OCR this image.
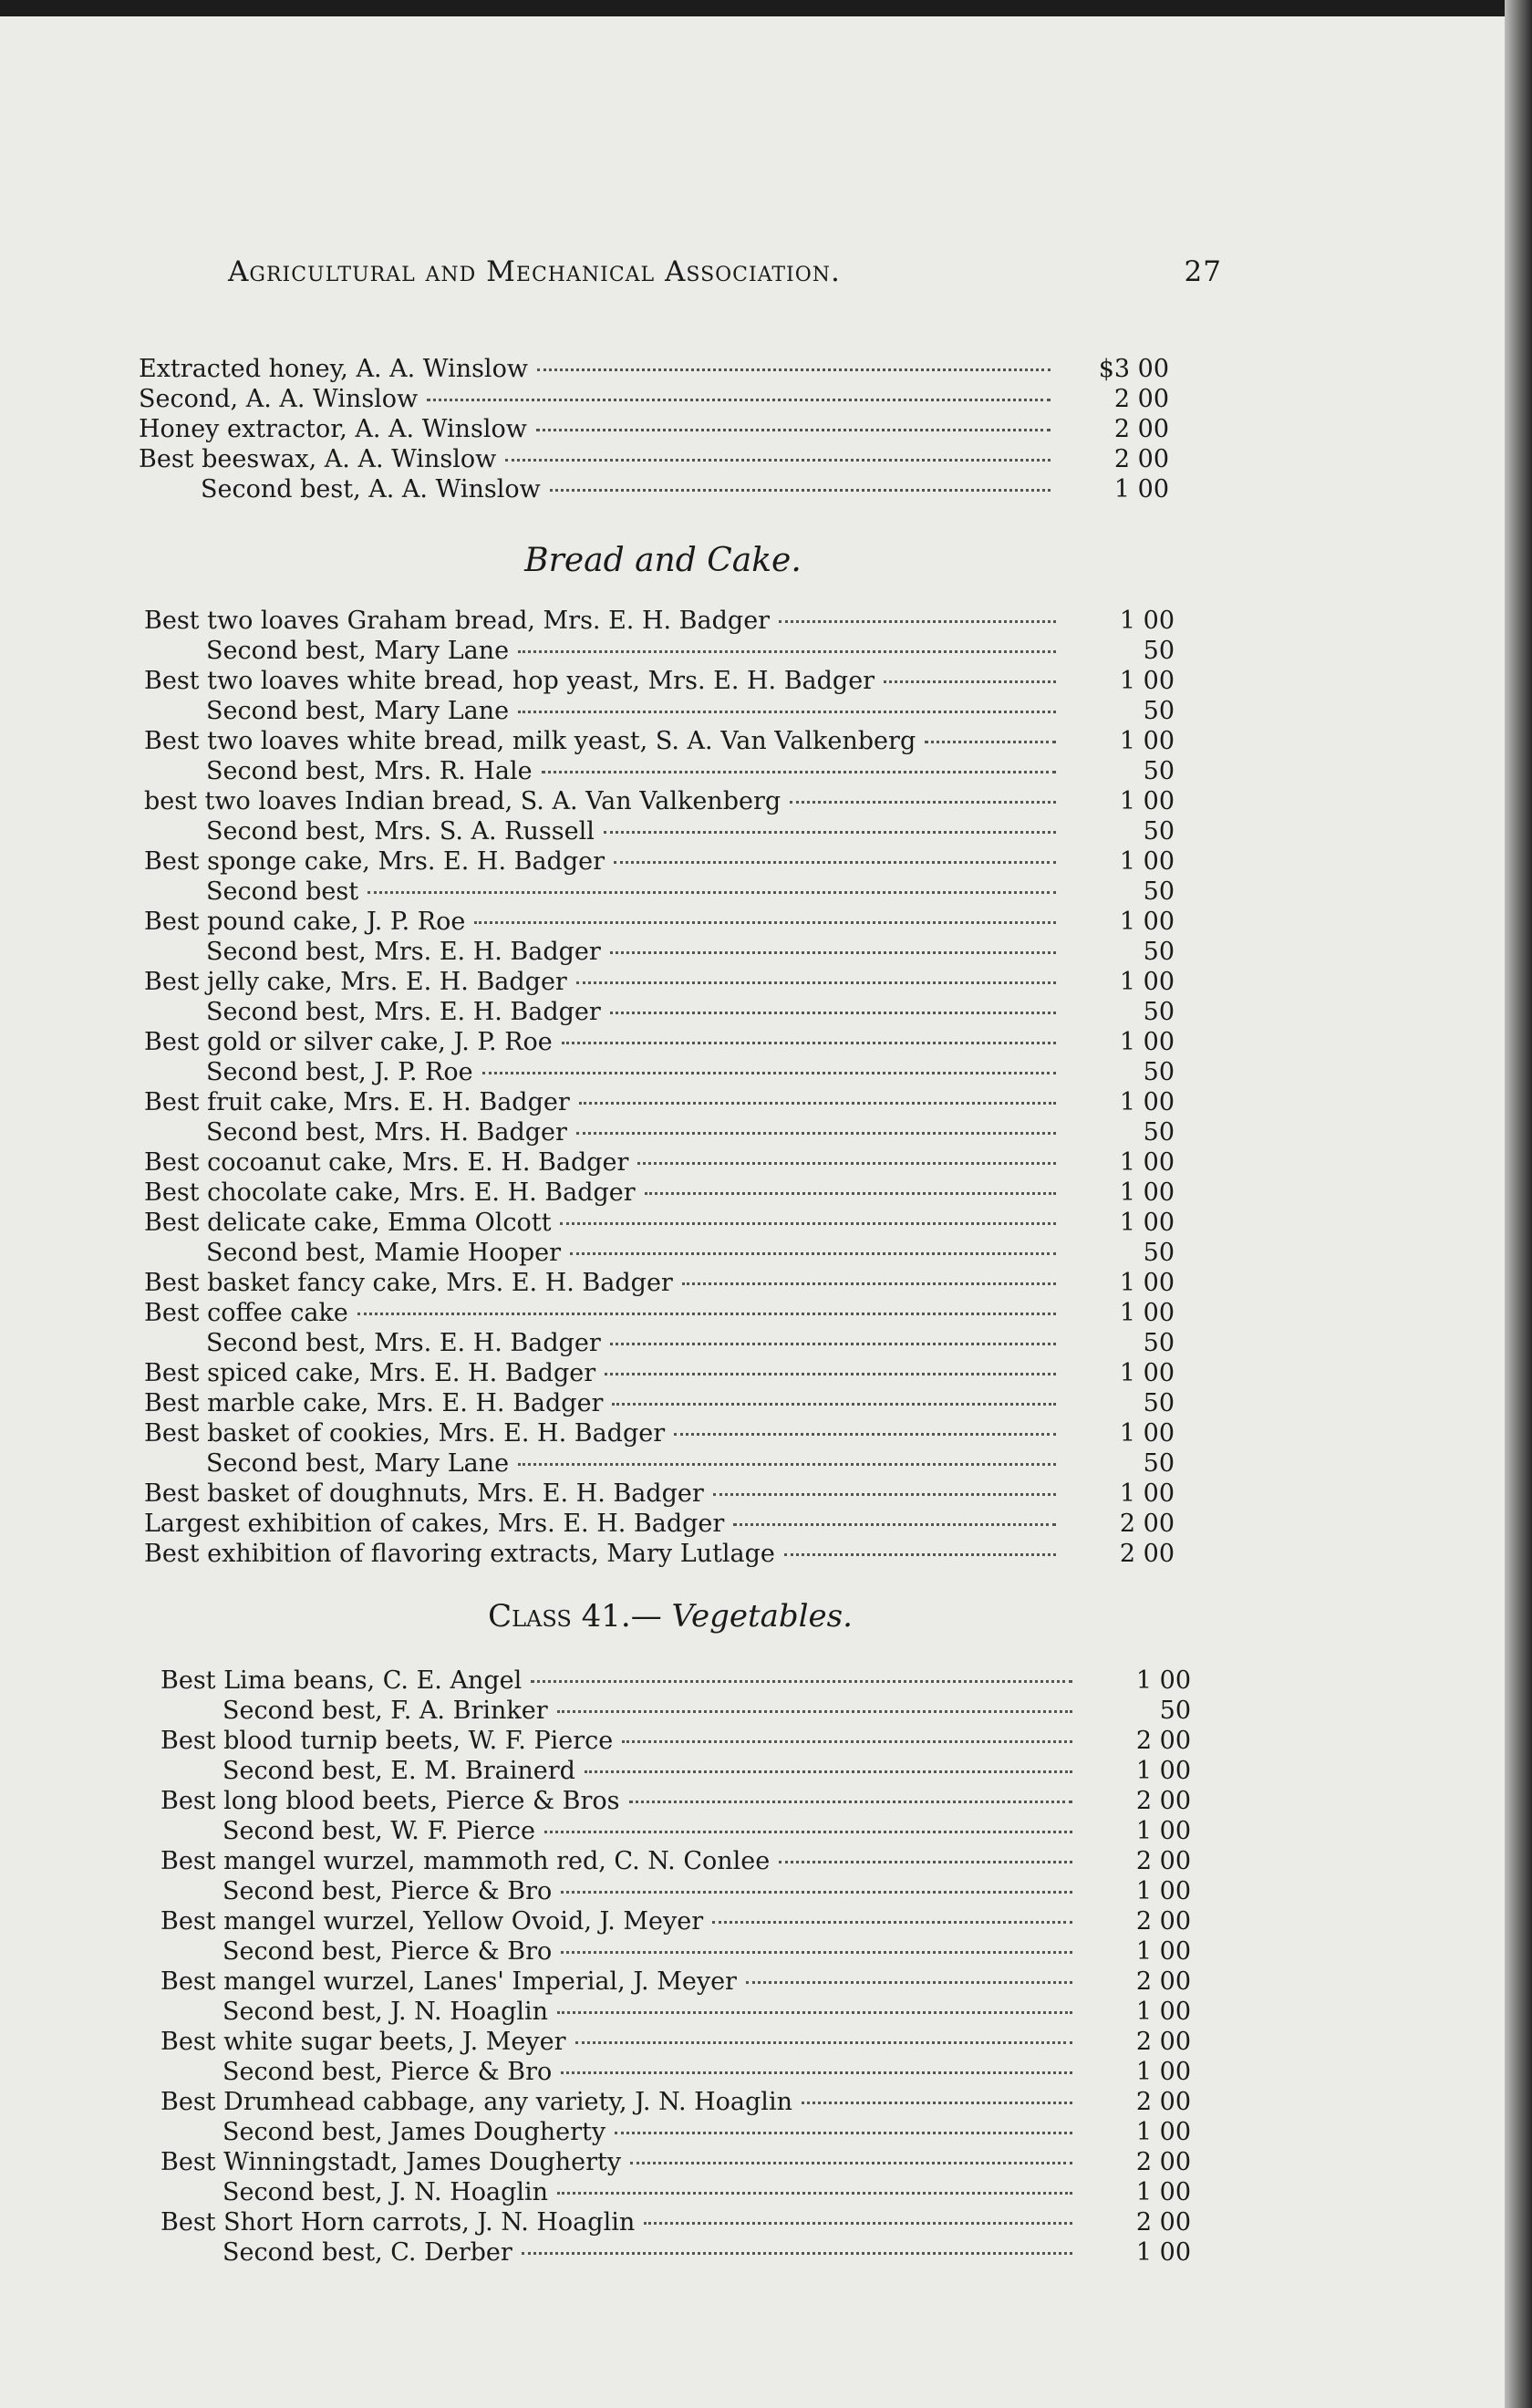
Agricultural and Mechanical Association.	27
Extracted honey, A. A. Winslow	$3 00
Second, A. A. Winslow	2 00
Honey extractor, A. A. Winslow	2 00
Best beeswax, A. A. Winslow	2 00
Second best, A. A. Winslow	1 00
Bread and Cake.
Best two loaves Graham bread, Mrs. E. H. Badger	1 00
Second best, Mary Lane	50
Best two loaves white bread, hop yeast, Mrs. E. H. Badger	1 00
Second best, Mary Lane	50
Best two loaves white bread, milk yeast, S. A. Van Valkenberg	1 00
Second best, Mrs. R. Hale	50
best two loaves Indian bread, S. A. Van Valkenberg	1 00
Second best, Mrs. S. A. Russell	50
Best sponge cake, Mrs. E. H. Badger	1 00
Second best	50
Best pound cake, J. P. Roe	1 00
Second best, Mrs. E. H. Badger	50
Best jelly cake, Mrs. E. H. Badger	1 00
Second best, Mrs. E. H. Badger	50
Best gold or silver cake, J. P. Roe	1 00
Second best, J. P. Roe	50
Best fruit cake, Mrs. E. H. Badger	1 00
Second best, Mrs. H. Badger	50
Best cocoanut cake, Mrs. E. H. Badger	1 00
Best chocolate cake, Mrs. E. H. Badger	1 00
Best delicate cake, Emma Olcott	1 00
Second best, Mamie Hooper	50
Best basket fancy cake, Mrs. E. H. Badger	1 00
Best coffee cake	1 00
Second best, Mrs. E. H. Badger	50
Best spiced cake, Mrs. E. H. Badger	1 00
Best marble cake, Mrs. E. H. Badger	50
Best basket of cookies, Mrs. E. H. Badger	1 00
Second best, Mary Lane	50
Best basket of doughnuts, Mrs. E. H. Badger	1 00
Largest exhibition of cakes, Mrs. E. H. Badger	2 00
Best exhibition of flavoring extracts, Mary Lutlage	2 00
Class 41.— Vegetables.
Best Lima beans, C. E. Angel	1 00
Second best, F. A. Brinker	50
Best blood turnip beets, W. F. Pierce	2 00
Second best, E. M. Brainerd	1 00
Best long blood beets, Pierce & Bros	2 00
Second best, W. F. Pierce	1 00
Best mangel wurzel, mammoth red, C. N. Conlee	2 00
Second best, Pierce & Bro	1 00
Best mangel wurzel, Yellow Ovoid, J. Meyer	2 00
Second best, Pierce & Bro	1 00
Best mangel wurzel, Lanes' Imperial, J. Meyer	2 00
Second best, J. N. Hoaglin	1 00
Best white sugar beets, J. Meyer	2 00
Second best, Pierce & Bro	1 00
Best Drumhead cabbage, any variety, J. N. Hoaglin	2 00
Second best, James Dougherty	1 00
Best Winningstadt, James Dougherty	2 00
Second best, J. N. Hoaglin	1 00
Best Short Horn carrots, J. N. Hoaglin	2 00
Second best, C. Derber	1 00
